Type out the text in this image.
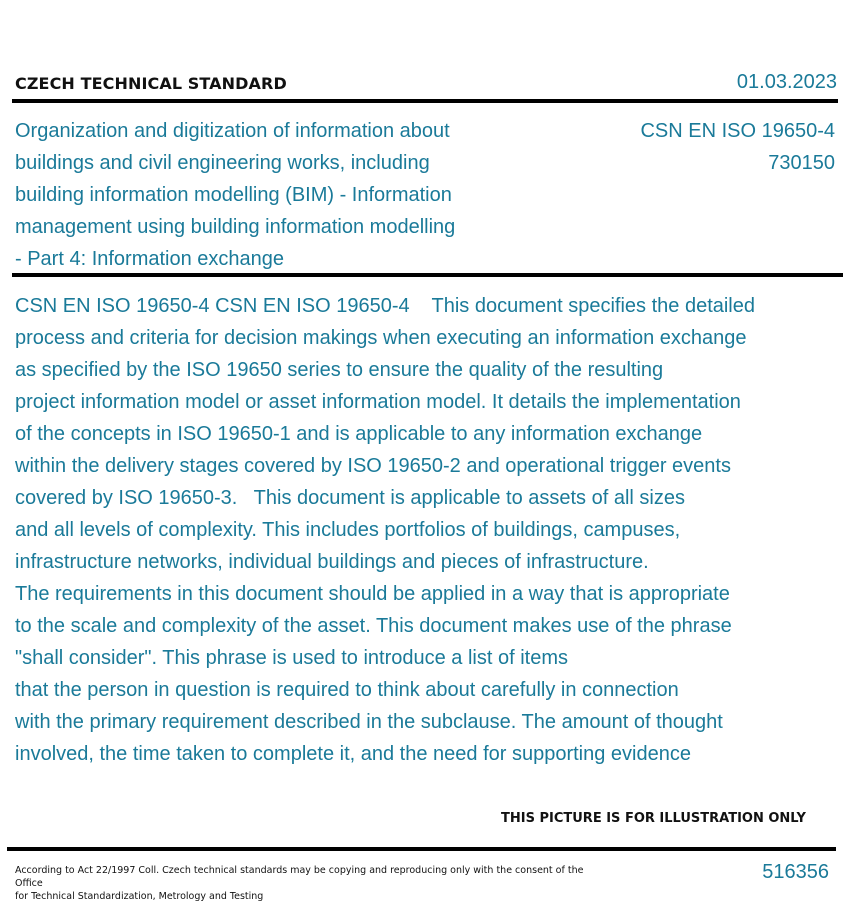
CZECH TECHNICAL STANDARD	01.03.2023
Organization and digitization of information about
buildings and civil engineering works, including
building information modelling (BIM) - Information
management using building information modelling
- Part 4: Information exchange
CSN EN ISO 19650-4
730150
CSN EN ISO 19650-4 CSN EN ISO 19650-4    This document specifies the detailed
process and criteria for decision makings when executing an information exchange
as specified by the ISO 19650 series to ensure the quality of the resulting
project information model or asset information model. It details the implementation
of the concepts in ISO 19650-1 and is applicable to any information exchange
within the delivery stages covered by ISO 19650-2 and operational trigger events
covered by ISO 19650-3.   This document is applicable to assets of all sizes
and all levels of complexity. This includes portfolios of buildings, campuses,
infrastructure networks, individual buildings and pieces of infrastructure.
The requirements in this document should be applied in a way that is appropriate
to the scale and complexity of the asset. This document makes use of the phrase
"shall consider". This phrase is used to introduce a list of items
that the person in question is required to think about carefully in connection
with the primary requirement described in the subclause. The amount of thought
involved, the time taken to complete it, and the need for supporting evidence
THIS PICTURE IS FOR ILLUSTRATION ONLY
According to Act 22/1997 Coll. Czech technical standards may be copying and reproducing only with the consent of the Office
for Technical Standardization, Metrology and Testing
516356
